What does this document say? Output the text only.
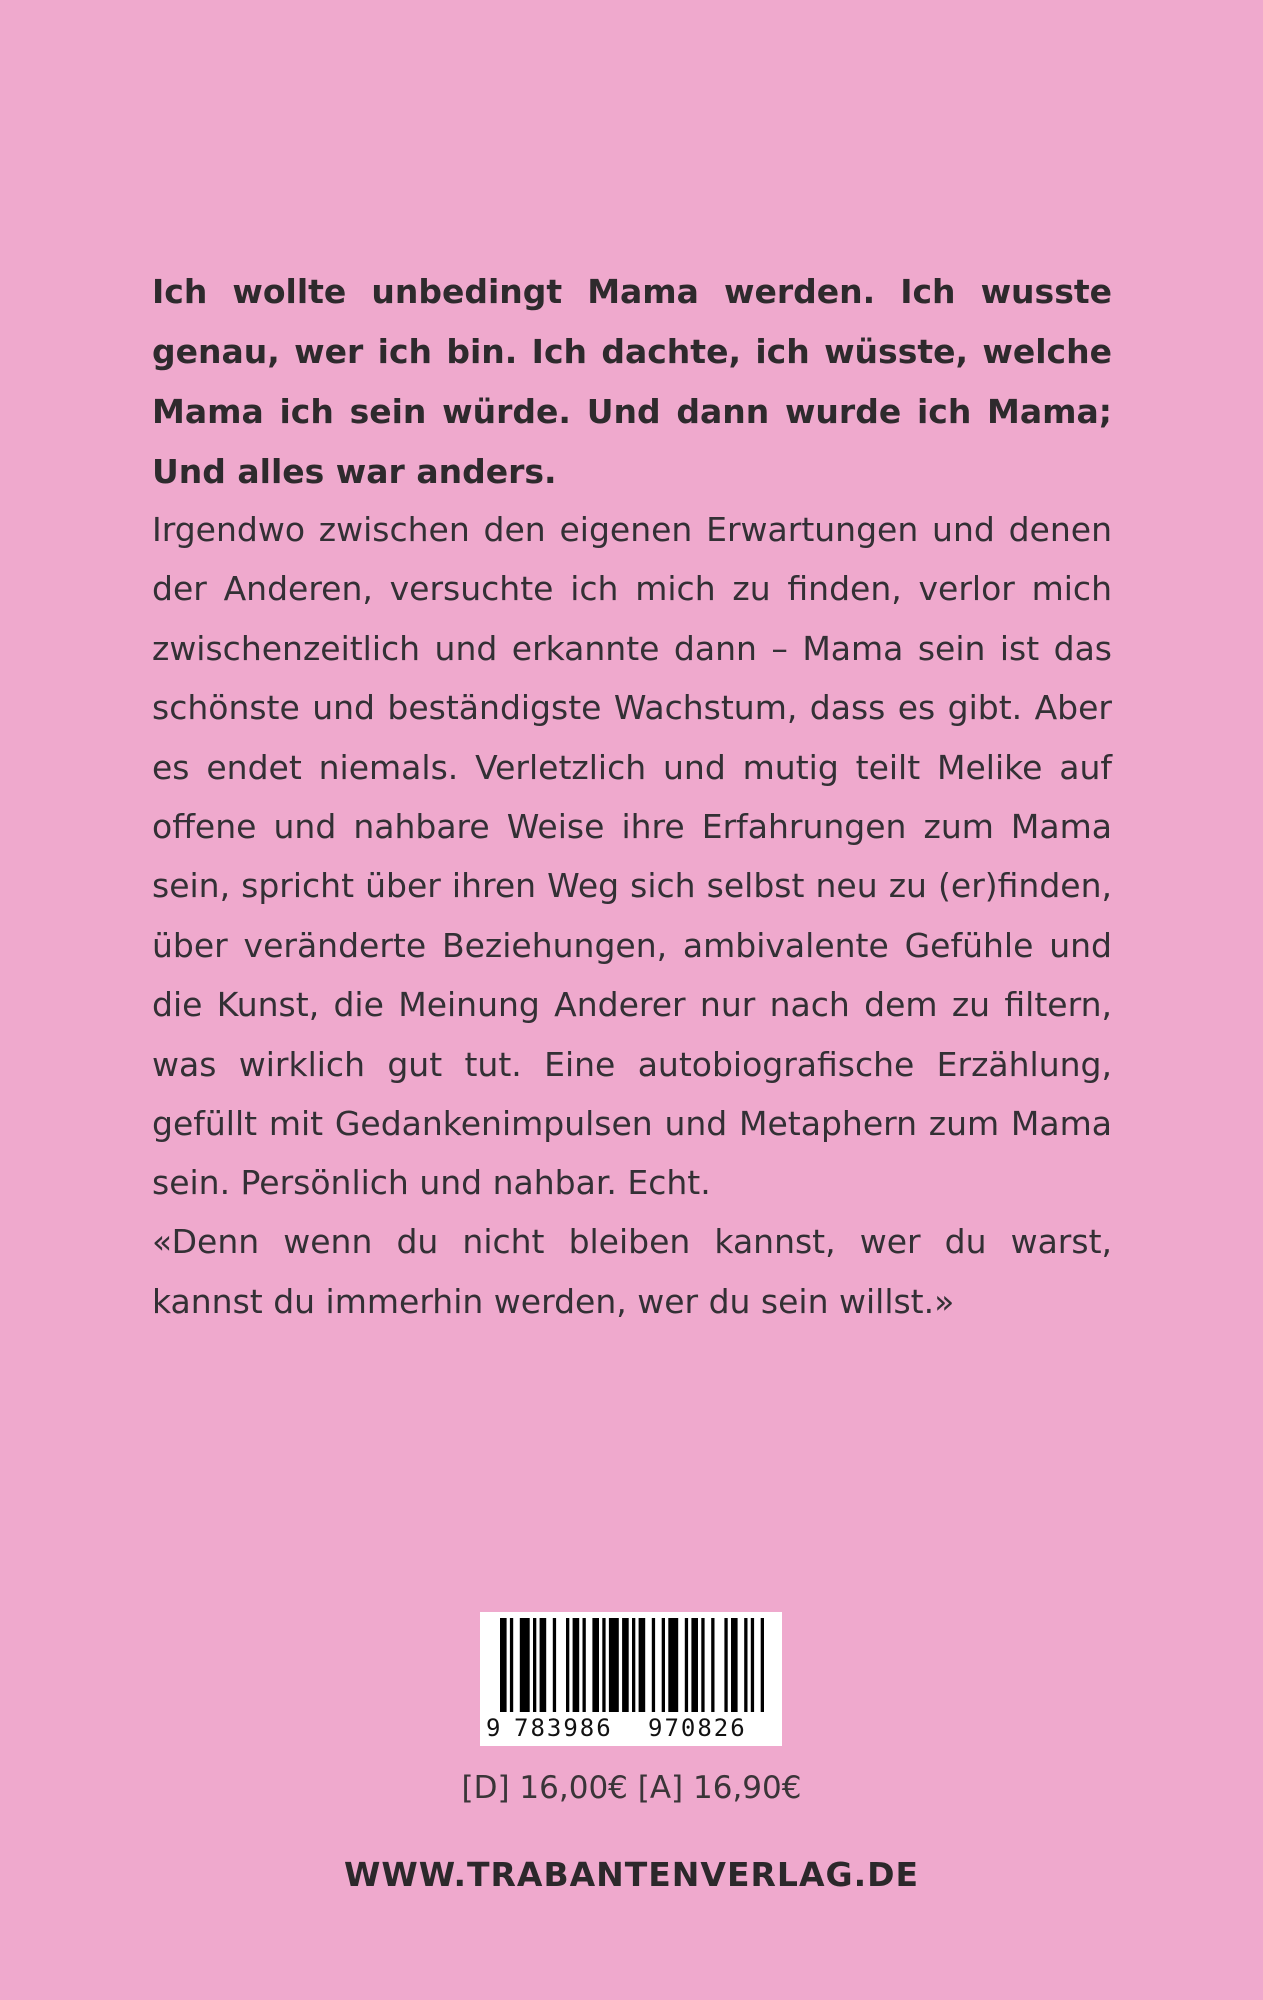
Ich wollte unbedingt Mama werden. Ich wusste genau, wer ich bin. Ich dachte, ich wüsste, welche Mama ich sein würde. Und dann wurde ich Mama; Und alles war anders.

Irgendwo zwischen den eigenen Erwartungen und denen der Anderen, versuchte ich mich zu finden, verlor mich zwischenzeitlich und erkannte dann – Mama sein ist das schönste und beständigste Wachstum, dass es gibt. Aber es endet niemals. Verletzlich und mutig teilt Melike auf offene und nahbare Weise ihre Erfahrungen zum Mama sein, spricht über ihren Weg sich selbst neu zu (er)finden, über veränderte Beziehungen, ambivalente Gefühle und die Kunst, die Meinung Anderer nur nach dem zu filtern, was wirklich gut tut. Eine autobiografische Erzählung, gefüllt mit Gedankenimpulsen und Metaphern zum Mama sein. Persönlich und nahbar. Echt.

«Denn wenn du nicht bleiben kannst, wer du warst, kannst du immerhin werden, wer du sein willst.»

9 783986 970826
[D] 16,00€ [A] 16,90€
WWW.TRABANTENVERLAG.DE
